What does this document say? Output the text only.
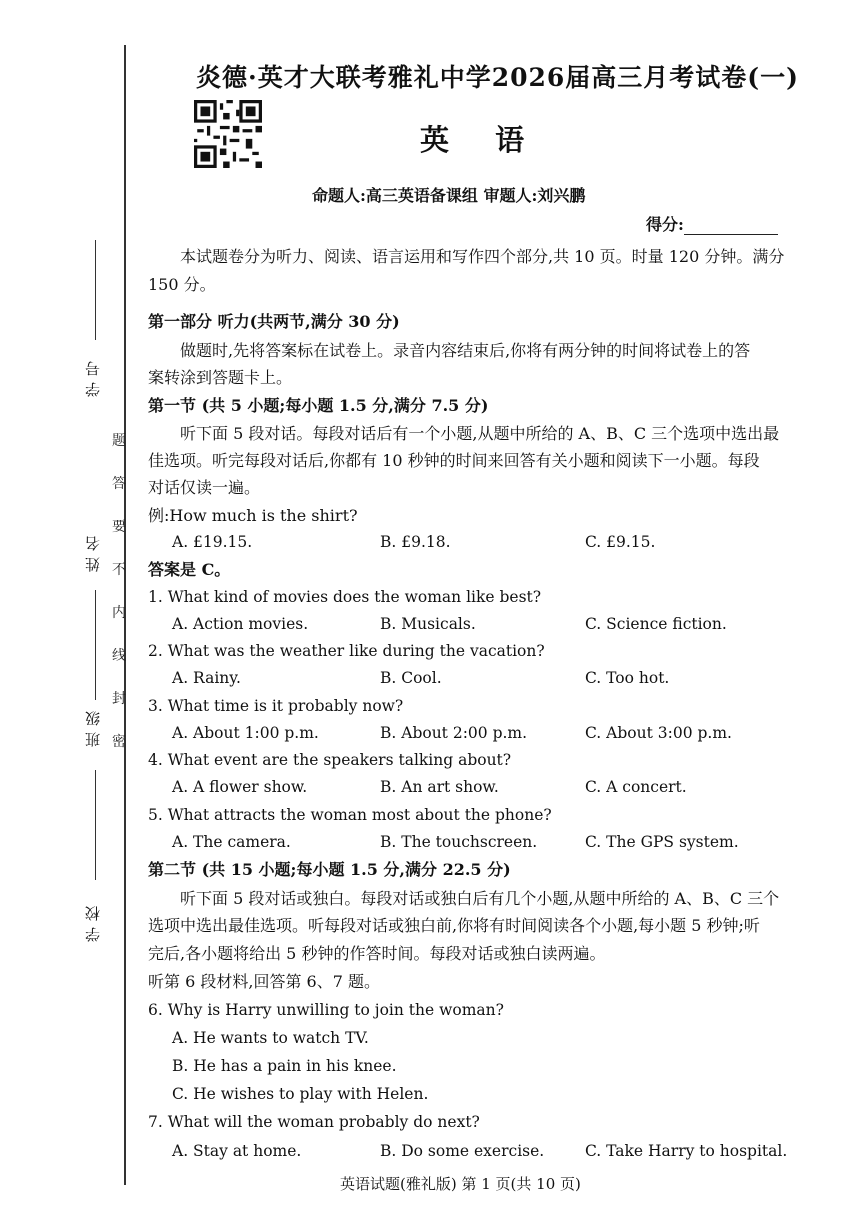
学号
姓名
班级
学校
题
答
要
不
内
线
封
密
炎德·英才大联考雅礼中学2026届高三月考试卷(一)
英 语
命题人:高三英语备课组 审题人:刘兴鹏
得分:
本试题卷分为听力、阅读、语言运用和写作四个部分,共 10 页。时量 120 分钟。满分
150 分。
第一部分 听力(共两节,满分 30 分)
做题时,先将答案标在试卷上。录音内容结束后,你将有两分钟的时间将试卷上的答
案转涂到答题卡上。
第一节 (共 5 小题;每小题 1.5 分,满分 7.5 分)
听下面 5 段对话。每段对话后有一个小题,从题中所给的 A、B、C 三个选项中选出最
佳选项。听完每段对话后,你都有 10 秒钟的时间来回答有关小题和阅读下一小题。每段
对话仅读一遍。
例:How much is the shirt?
A. £19.15.	B. £9.18.	C. £9.15.
答案是 C。
1. What kind of movies does the woman like best?
A. Action movies.	B. Musicals.	C. Science fiction.
2. What was the weather like during the vacation?
A. Rainy.	B. Cool.	C. Too hot.
3. What time is it probably now?
A. About 1:00 p.m.	B. About 2:00 p.m.	C. About 3:00 p.m.
4. What event are the speakers talking about?
A. A flower show.	B. An art show.	C. A concert.
5. What attracts the woman most about the phone?
A. The camera.	B. The touchscreen.	C. The GPS system.
第二节 (共 15 小题;每小题 1.5 分,满分 22.5 分)
听下面 5 段对话或独白。每段对话或独白后有几个小题,从题中所给的 A、B、C 三个
选项中选出最佳选项。听每段对话或独白前,你将有时间阅读各个小题,每小题 5 秒钟;听
完后,各小题将给出 5 秒钟的作答时间。每段对话或独白读两遍。
听第 6 段材料,回答第 6、7 题。
6. Why is Harry unwilling to join the woman?
A. He wants to watch TV.
B. He has a pain in his knee.
C. He wishes to play with Helen.
7. What will the woman probably do next?
A. Stay at home.	B. Do some exercise.	C. Take Harry to hospital.
英语试题(雅礼版) 第 1 页(共 10 页)
